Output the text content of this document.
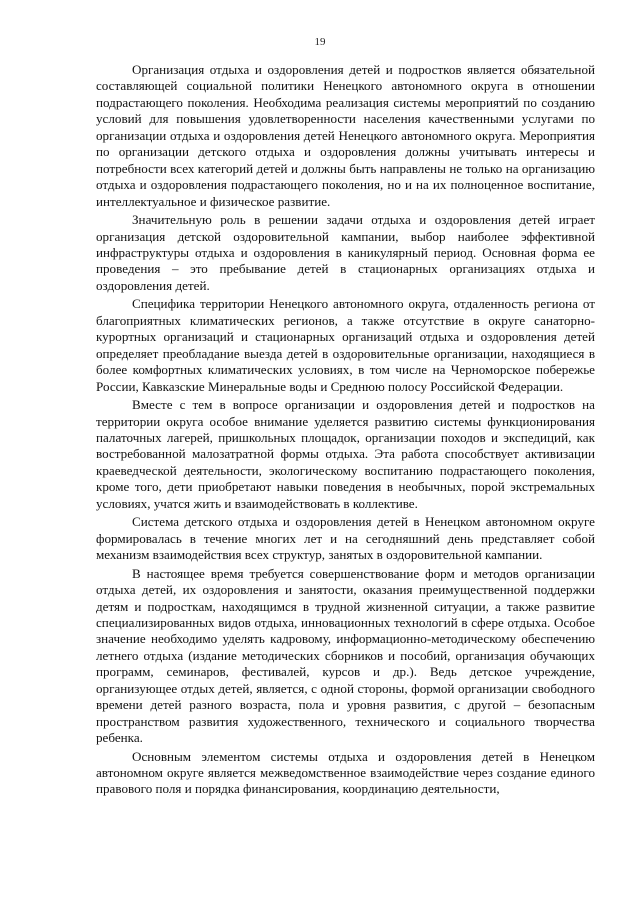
19

Организация отдыха и оздоровления детей и подростков является обязательной составляющей социальной политики Ненецкого автономного округа в отношении подрастающего поколения. Необходима реализация системы мероприятий по созданию условий для повышения удовлетворенности населения качественными услугами по организации отдыха и оздоровления детей Ненецкого автономного округа. Мероприятия по организации детского отдыха и оздоровления должны учитывать интересы и потребности всех категорий детей и должны быть направлены не только на организацию отдыха и оздоровления подрастающего поколения, но и на их полноценное воспитание, интеллектуальное и физическое развитие.

Значительную роль в решении задачи отдыха и оздоровления детей играет организация детской оздоровительной кампании, выбор наиболее эффективной инфраструктуры отдыха и оздоровления в каникулярный период. Основная форма ее проведения – это пребывание детей в стационарных организациях отдыха и оздоровления детей.

Специфика территории Ненецкого автономного округа, отдаленность региона от благоприятных климатических регионов, а также отсутствие в округе санаторно-курортных организаций и стационарных организаций отдыха и оздоровления детей определяет преобладание выезда детей в оздоровительные организации, находящиеся в более комфортных климатических условиях, в том числе на Черноморское побережье России, Кавказские Минеральные воды и Среднюю полосу Российской Федерации.

Вместе с тем в вопросе организации и оздоровления детей и подростков на территории округа особое внимание уделяется развитию системы функционирования палаточных лагерей, пришкольных площадок, организации походов и экспедиций, как востребованной малозатратной формы отдыха. Эта работа способствует активизации краеведческой деятельности, экологическому воспитанию подрастающего поколения, кроме того, дети приобретают навыки поведения в необычных, порой экстремальных условиях, учатся жить и взаимодействовать в коллективе.

Система детского отдыха и оздоровления детей в Ненецком автономном округе формировалась в течение многих лет и на сегодняшний день представляет собой механизм взаимодействия всех структур, занятых в оздоровительной кампании.

В настоящее время требуется совершенствование форм и методов организации отдыха детей, их оздоровления и занятости, оказания преимущественной поддержки детям и подросткам, находящимся в трудной жизненной ситуации, а также развитие специализированных видов отдыха, инновационных технологий в сфере отдыха. Особое значение необходимо уделять кадровому, информационно-методическому обеспечению летнего отдыха (издание методических сборников и пособий, организация обучающих программ, семинаров, фестивалей, курсов и др.). Ведь детское учреждение, организующее отдых детей, является, с одной стороны, формой организации свободного времени детей разного возраста, пола и уровня развития, с другой – безопасным пространством развития художественного, технического и социального творчества ребенка.

Основным элементом системы отдыха и оздоровления детей в Ненецком автономном округе является межведомственное взаимодействие через создание единого правового поля и порядка финансирования, координацию деятельности,
